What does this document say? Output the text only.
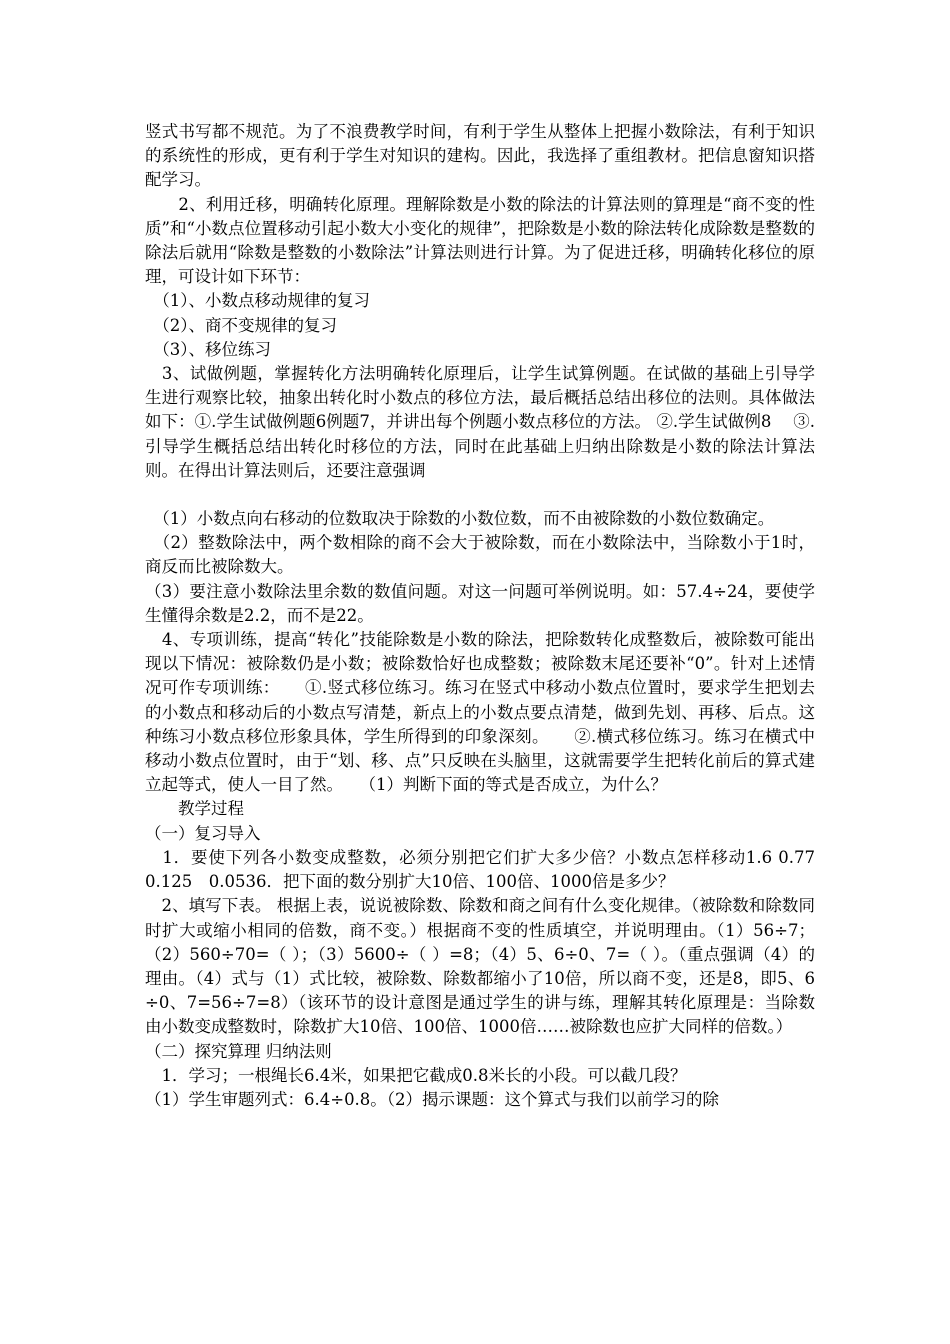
竖式书写都不规范。为了不浪费教学时间，有利于学生从整体上把握小数除法，有利于知识的系统性的形成，更有利于学生对知识的建构。因此，我选择了重组教材。把信息窗知识搭配学习。

　　2、利用迁移，明确转化原理。理解除数是小数的除法的计算法则的算理是“商不变的性质”和“小数点位置移动引起小数大小变化的规律”，把除数是小数的除法转化成除数是整数的除法后就用“除数是整数的小数除法”计算法则进行计算。为了促进迁移，明确转化移位的原理，可设计如下环节：

　（1）、小数点移动规律的复习

　（2）、商不变规律的复习

　（3）、移位练习

　3、试做例题，掌握转化方法明确转化原理后，让学生试算例题。在试做的基础上引导学生进行观察比较，抽象出转化时小数点的移位方法，最后概括总结出移位的法则。具体做法如下：①.学生试做例题6例题7，并讲出每个例题小数点移位的方法。 ②.学生试做例8 　③.引导学生概括总结出转化时移位的方法，同时在此基础上归纳出除数是小数的除法计算法则。在得出计算法则后，还要注意强调

　（1）小数点向右移动的位数取决于除数的小数位数，而不由被除数的小数位数确定。

　（2）整数除法中，两个数相除的商不会大于被除数，而在小数除法中，当除数小于1时，商反而比被除数大。

（3）要注意小数除法里余数的数值问题。对这一问题可举例说明。如：57.4÷24，要使学生懂得余数是2.2，而不是22。

　4、专项训练，提高“转化”技能除数是小数的除法，把除数转化成整数后，被除数可能出现以下情况：被除数仍是小数；被除数恰好也成整数；被除数末尾还要补“0”。针对上述情况可作专项训练：　　①.竖式移位练习。练习在竖式中移动小数点位置时，要求学生把划去的小数点和移动后的小数点写清楚，新点上的小数点要点清楚，做到先划、再移、后点。这种练习小数点移位形象具体，学生所得到的印象深刻。　　②.横式移位练习。练习在横式中移动小数点位置时，由于“划、移、点”只反映在头脑里，这就需要学生把转化前后的算式建立起等式，使人一目了然。　　（1）判断下面的等式是否成立，为什么？

　　教学过程

（一）复习导入

　1．要使下列各小数变成整数，必须分别把它们扩大多少倍？小数点怎样移动1.6 0.77　0.125　0.0536．把下面的数分别扩大10倍、100倍、1000倍是多少？

　2、填写下表。 根据上表，说说被除数、除数和商之间有什么变化规律。（被除数和除数同时扩大或缩小相同的倍数，商不变。）根据商不变的性质填空，并说明理由。（1）56÷7；（2）560÷70=（ ）；（3）5600÷（ ）=8；（4）5、6÷0、7=（ ）。（重点强调（4）的理由。（4）式与（1）式比较，被除数、除数都缩小了10倍，所以商不变，还是8，即5、6÷0、7=56÷7=8）（该环节的设计意图是通过学生的讲与练，理解其转化原理是：当除数由小数变成整数时，除数扩大10倍、100倍、1000倍……被除数也应扩大同样的倍数。）

（二）探究算理 归纳法则

　1．学习；一根绳长6.4米，如果把它截成0.8米长的小段。可以截几段？

（1）学生审题列式：6.4÷0.8。（2）揭示课题：这个算式与我们以前学习的除
